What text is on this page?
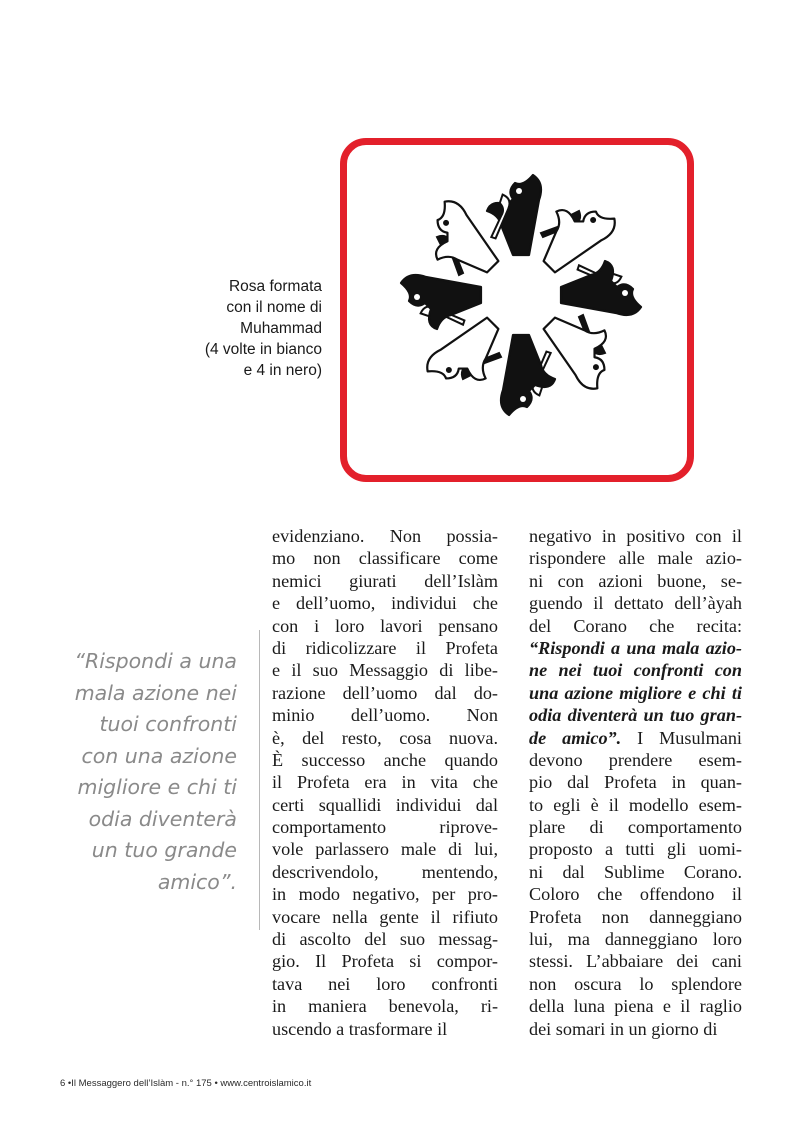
Rosa formata
con il nome di
Muhammad
(4 volte in bianco
e 4 in nero)
“Rispondi a una
mala azione nei
tuoi confronti
con una azione
migliore e chi ti
odia diventerà
un tuo grande
amico”.
evidenziano. Non possia-
mo non classificare come
nemici giurati dell’Islàm
e dell’uomo, individui che
con i loro lavori pensano
di ridicolizzare il Profeta
e il suo Messaggio di libe-
razione dell’uomo dal do-
minio dell’uomo. Non
è, del resto, cosa nuova.
È successo anche quando
il Profeta era in vita che
certi squallidi individui dal
comportamento riprove-
vole parlassero male di lui,
descrivendolo, mentendo,
in modo negativo, per pro-
vocare nella gente il rifiuto
di ascolto del suo messag-
gio. Il Profeta si compor-
tava nei loro confronti
in maniera benevola, ri-
uscendo a trasformare il
negativo in positivo con il
rispondere alle male azio-
ni con azioni buone, se-
guendo il dettato dell’àyah
del Corano che recita:
“Rispondi a una mala azio-
ne nei tuoi confronti con
una azione migliore e chi ti
odia diventerà un tuo gran-
de amico”. I Musulmani
devono prendere esem-
pio dal Profeta in quan-
to egli è il modello esem-
plare di comportamento
proposto a tutti gli uomi-
ni dal Sublime Corano.
Coloro che offendono il
Profeta non danneggiano
lui, ma danneggiano loro
stessi. L’abbaiare dei cani
non oscura lo splendore
della luna piena e il raglio
dei somari in un giorno di
6 •Il Messaggero dell’Islàm - n.° 175 • www.centroislamico.it
